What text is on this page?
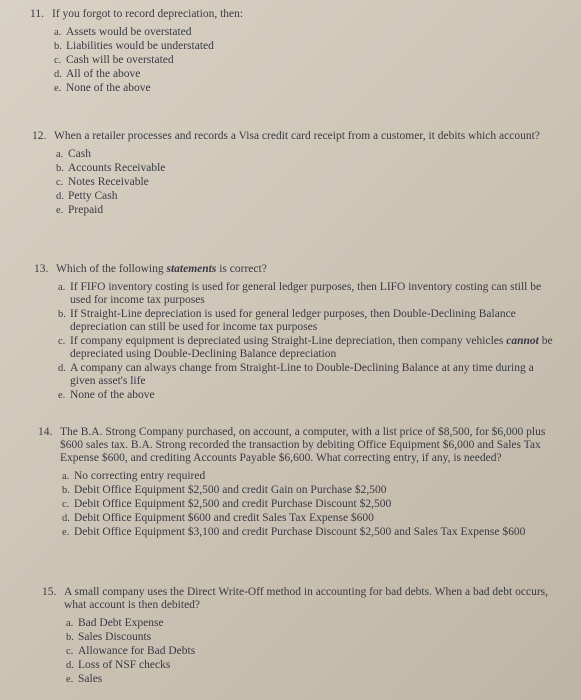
11. If you forgot to record depreciation, then:
a. Assets would be overstated
b. Liabilities would be understated
c. Cash will be overstated
d. All of the above
e. None of the above
12. When a retailer processes and records a Visa credit card receipt from a customer, it debits which account?
a. Cash
b. Accounts Receivable
c. Notes Receivable
d. Petty Cash
e. Prepaid
13. Which of the following statements is correct?
a. If FIFO inventory costing is used for general ledger purposes, then LIFO inventory costing can still be used for income tax purposes
b. If Straight-Line depreciation is used for general ledger purposes, then Double-Declining Balance depreciation can still be used for income tax purposes
c. If company equipment is depreciated using Straight-Line depreciation, then company vehicles cannot be depreciated using Double-Declining Balance depreciation
d. A company can always change from Straight-Line to Double-Declining Balance at any time during a given asset's life
e. None of the above
14. The B.A. Strong Company purchased, on account, a computer, with a list price of $8,500, for $6,000 plus $600 sales tax. B.A. Strong recorded the transaction by debiting Office Equipment $6,000 and Sales Tax Expense $600, and crediting Accounts Payable $6,600. What correcting entry, if any, is needed?
a. No correcting entry required
b. Debit Office Equipment $2,500 and credit Gain on Purchase $2,500
c. Debit Office Equipment $2,500 and credit Purchase Discount $2,500
d. Debit Office Equipment $600 and credit Sales Tax Expense $600
e. Debit Office Equipment $3,100 and credit Purchase Discount $2,500 and Sales Tax Expense $600
15. A small company uses the Direct Write-Off method in accounting for bad debts. When a bad debt occurs, what account is then debited?
a. Bad Debt Expense
b. Sales Discounts
c. Allowance for Bad Debts
d. Loss of NSF checks
e. Sales
